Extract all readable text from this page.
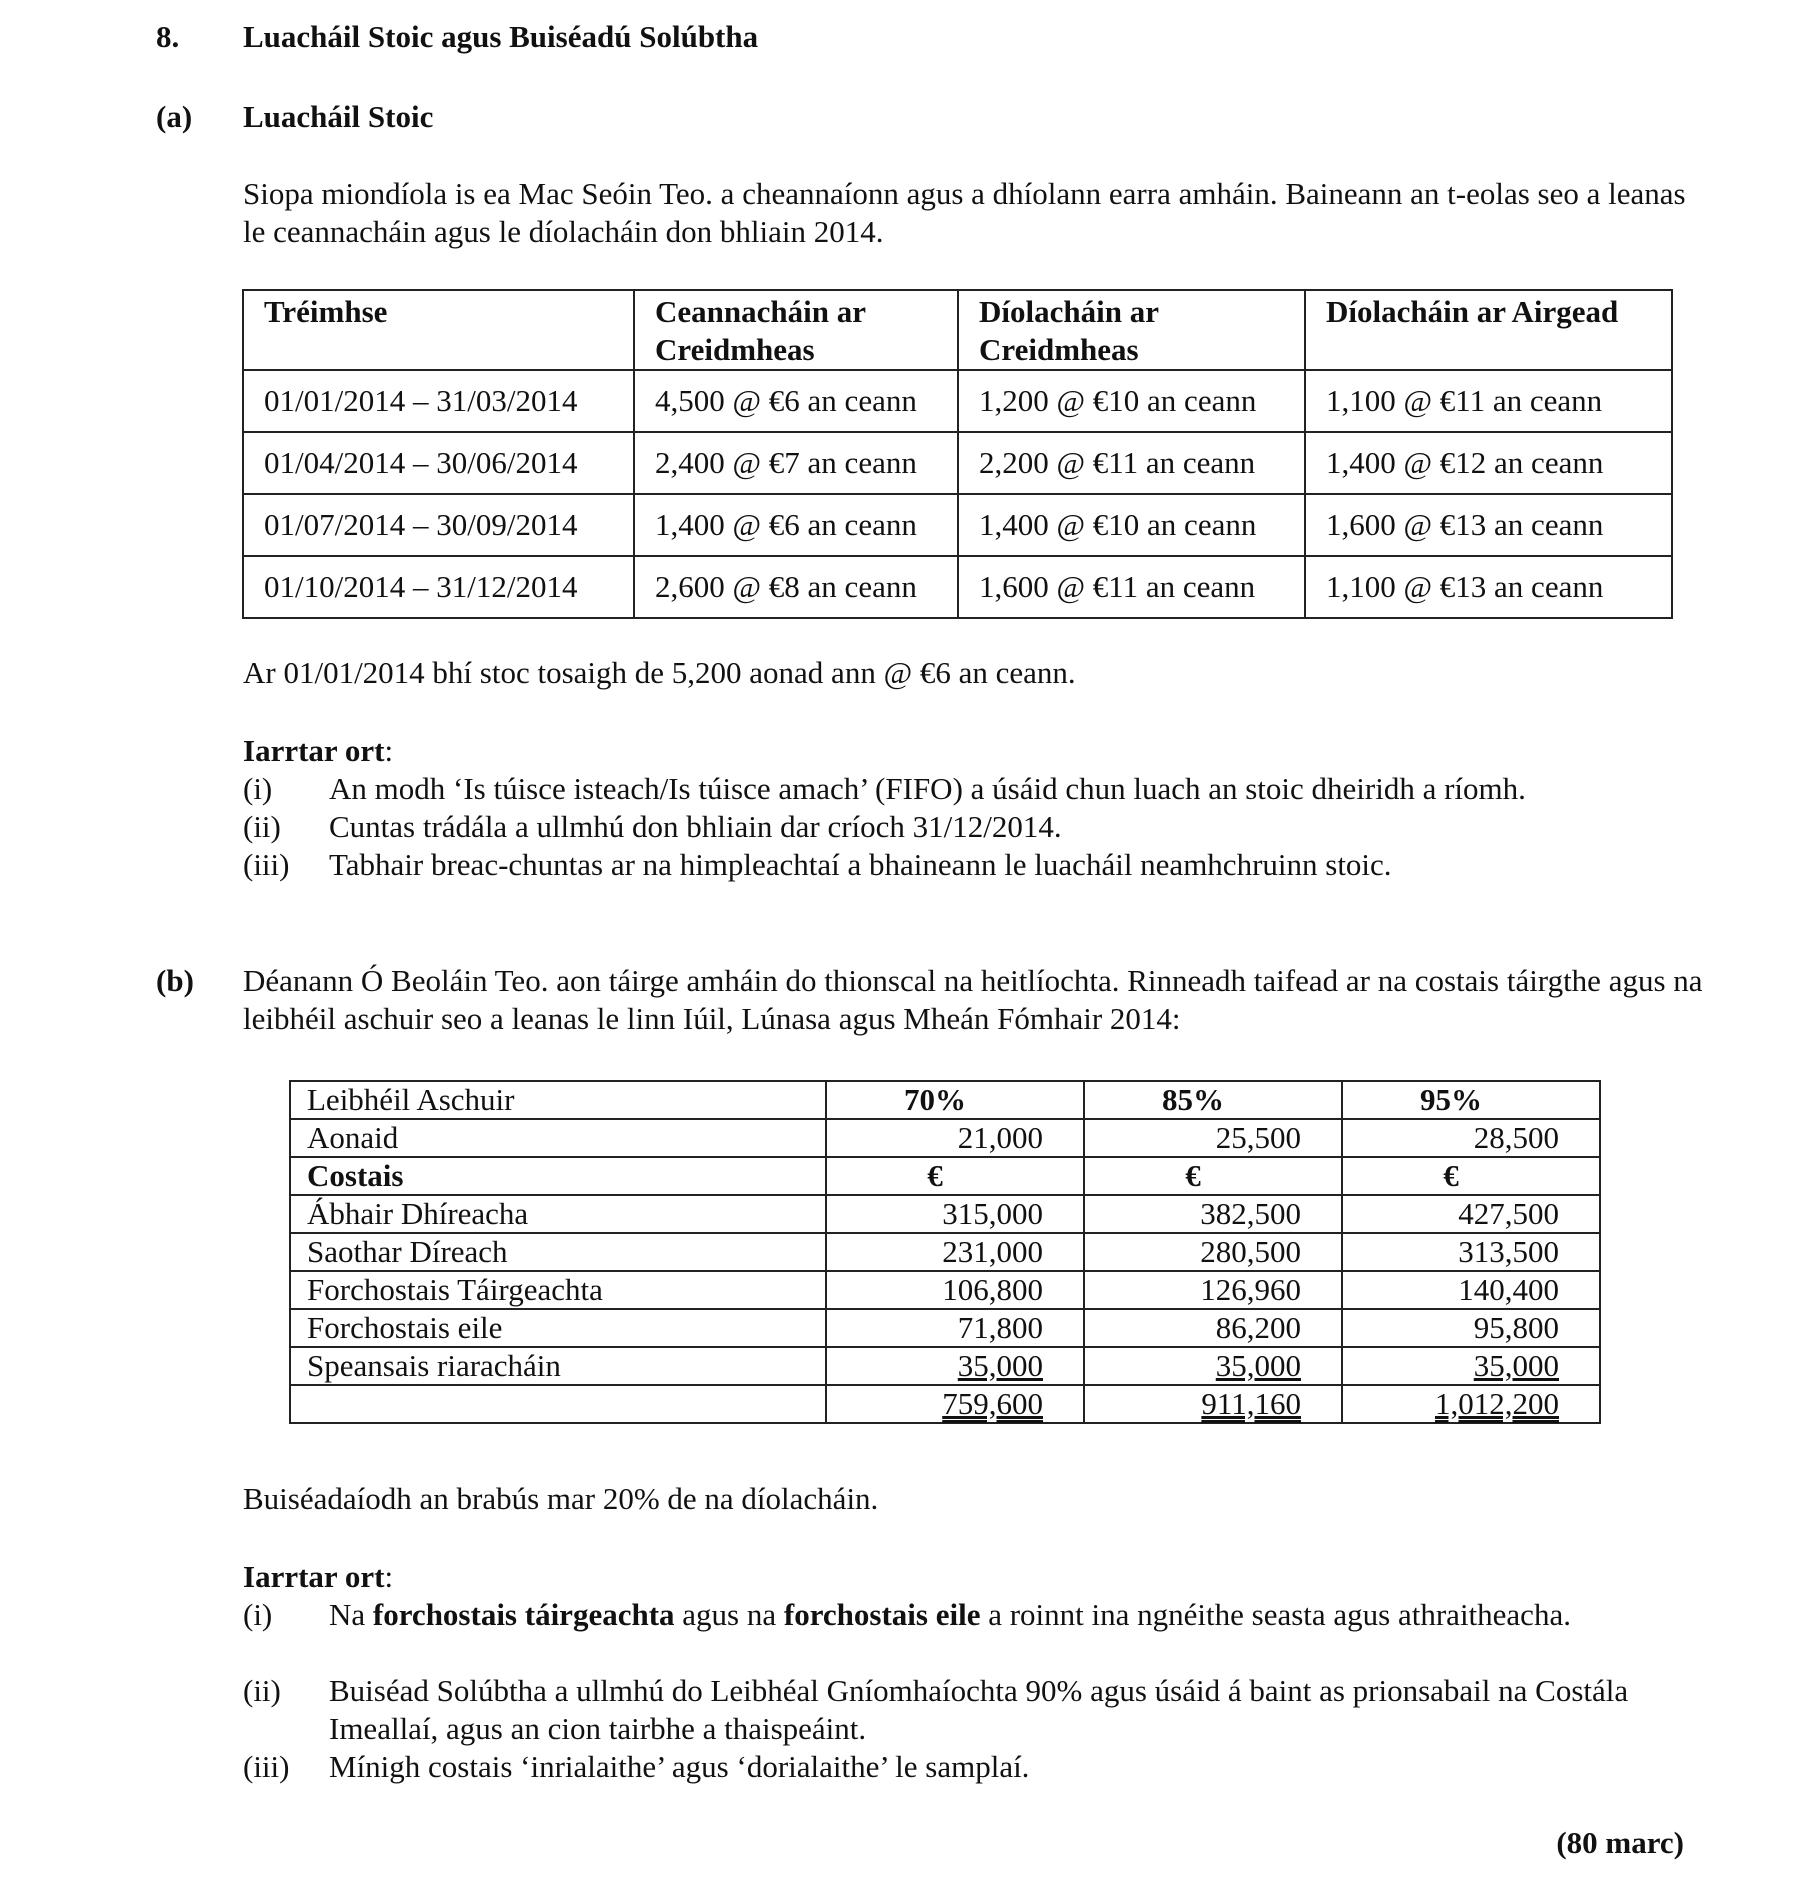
8. Luacháil Stoic agus Buiséadú Solúbtha
(a) Luacháil Stoic
Siopa miondíola is ea Mac Seóin Teo. a cheannaíonn agus a dhíolann earra amháin. Baineann an t-eolas seo a leanas le ceannacháin agus le díolacháin don bhliain 2014.
Tréimhse	Ceannacháin ar Creidmheas	Díolacháin ar Creidmheas	Díolacháin ar Airgead
01/01/2014 – 31/03/2014	4,500 @ €6 an ceann	1,200 @ €10 an ceann	1,100 @ €11 an ceann
01/04/2014 – 30/06/2014	2,400 @ €7 an ceann	2,200 @ €11 an ceann	1,400 @ €12 an ceann
01/07/2014 – 30/09/2014	1,400 @ €6 an ceann	1,400 @ €10 an ceann	1,600 @ €13 an ceann
01/10/2014 – 31/12/2014	2,600 @ €8 an ceann	1,600 @ €11 an ceann	1,100 @ €13 an ceann
Ar 01/01/2014 bhí stoc tosaigh de 5,200 aonad ann @ €6 an ceann.
Iarrtar ort:
(i)	An modh ‘Is túisce isteach/Is túisce amach’ (FIFO) a úsáid chun luach an stoic dheiridh a ríomh.
(ii)	Cuntas trádála a ullmhú don bhliain dar críoch 31/12/2014.
(iii)	Tabhair breac-chuntas ar na himpleachtaí a bhaineann le luacháil neamhchruinn stoic.
(b) Déanann Ó Beoláin Teo. aon táirge amháin do thionscal na heitlíochta. Rinneadh taifead ar na costais táirgthe agus na leibhéil aschuir seo a leanas le linn Iúil, Lúnasa agus Mheán Fómhair 2014:
Leibhéil Aschuir	70%	85%	95%
Aonaid	21,000	25,500	28,500
Costais	€	€	€
Ábhair Dhíreacha	315,000	382,500	427,500
Saothar Díreach	231,000	280,500	313,500
Forchostais Táirgeachta	106,800	126,960	140,400
Forchostais eile	71,800	86,200	95,800
Speansais riaracháin	35,000	35,000	35,000
	759,600	911,160	1,012,200
Buiséadaíodh an brabús mar 20% de na díolacháin.
Iarrtar ort:
(i)	Na forchostais táirgeachta agus na forchostais eile a roinnt ina ngnéithe seasta agus athraitheacha.
(ii)	Buiséad Solúbtha a ullmhú do Leibhéal Gníomhaíochta 90% agus úsáid á baint as prionsabail na Costála Imeallaí, agus an cion tairbhe a thaispeáint.
(iii)	Mínigh costais ‘inrialaithe’ agus ‘dorialaithe’ le samplaí.
(80 marc)
